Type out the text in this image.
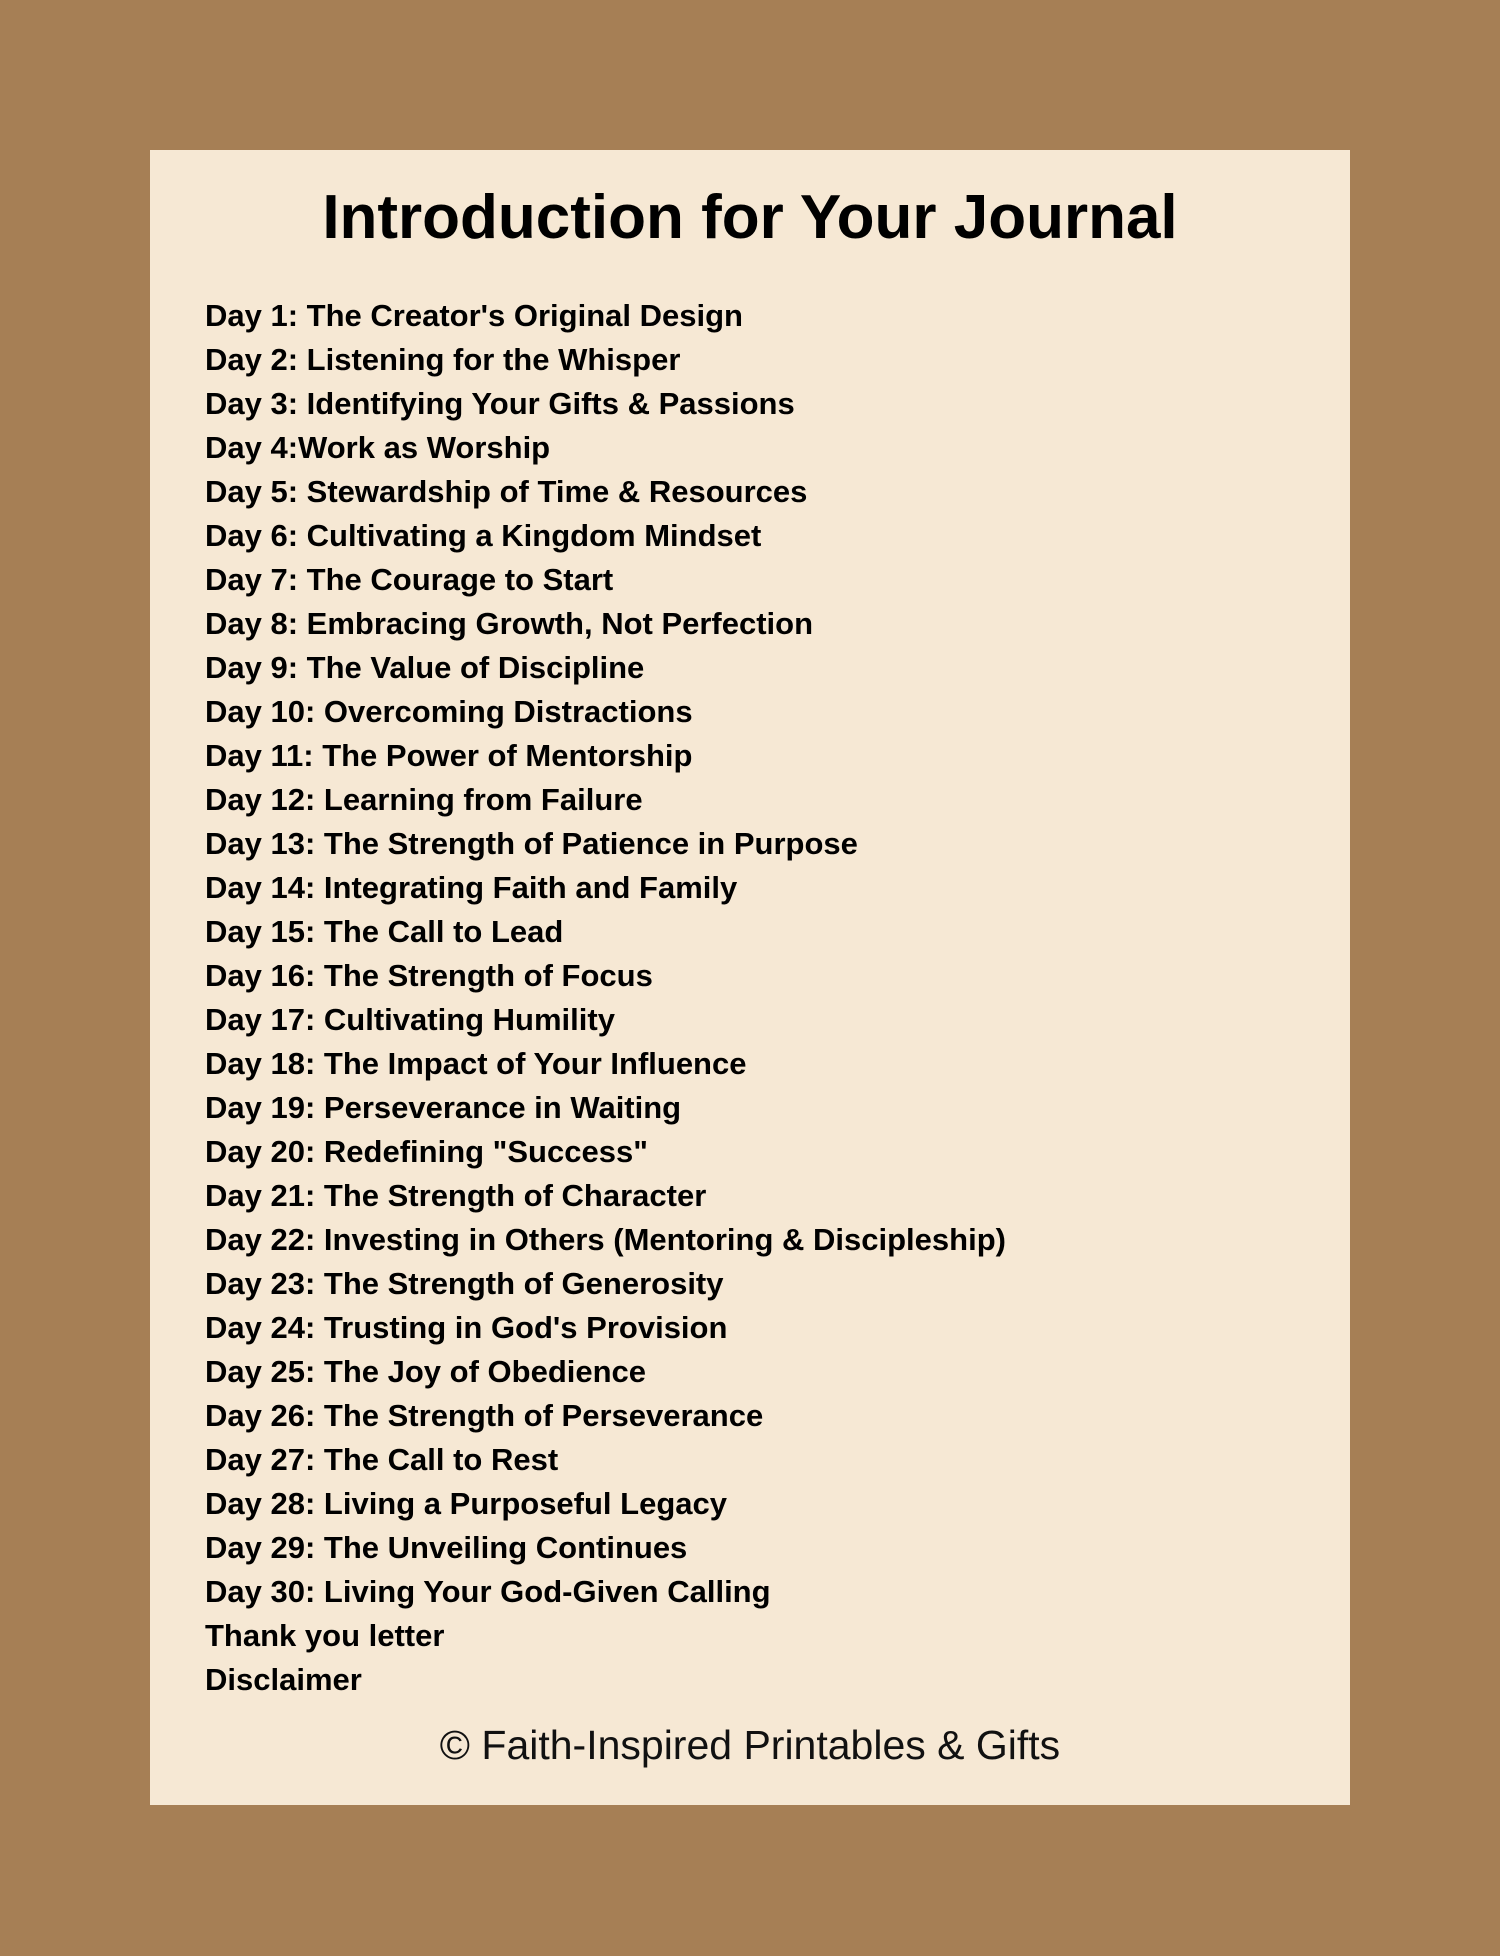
Introduction for Your Journal
Day 1: The Creator's Original Design
Day 2: Listening for the Whisper
Day 3: Identifying Your Gifts & Passions
Day 4:Work as Worship
Day 5: Stewardship of Time & Resources
Day 6: Cultivating a Kingdom Mindset
Day 7: The Courage to Start
Day 8: Embracing Growth, Not Perfection
Day 9: The Value of Discipline
Day 10: Overcoming Distractions
Day 11: The Power of Mentorship
Day 12: Learning from Failure
Day 13: The Strength of Patience in Purpose
Day 14: Integrating Faith and Family
Day 15: The Call to Lead
Day 16: The Strength of Focus
Day 17: Cultivating Humility
Day 18: The Impact of Your Influence
Day 19: Perseverance in Waiting
Day 20: Redefining "Success"
Day 21: The Strength of Character
Day 22: Investing in Others (Mentoring & Discipleship)
Day 23: The Strength of Generosity
Day 24: Trusting in God's Provision
Day 25: The Joy of Obedience
Day 26: The Strength of Perseverance
Day 27: The Call to Rest
Day 28: Living a Purposeful Legacy
Day 29: The Unveiling Continues
Day 30: Living Your God-Given Calling
Thank you letter
Disclaimer
© Faith-Inspired Printables & Gifts
